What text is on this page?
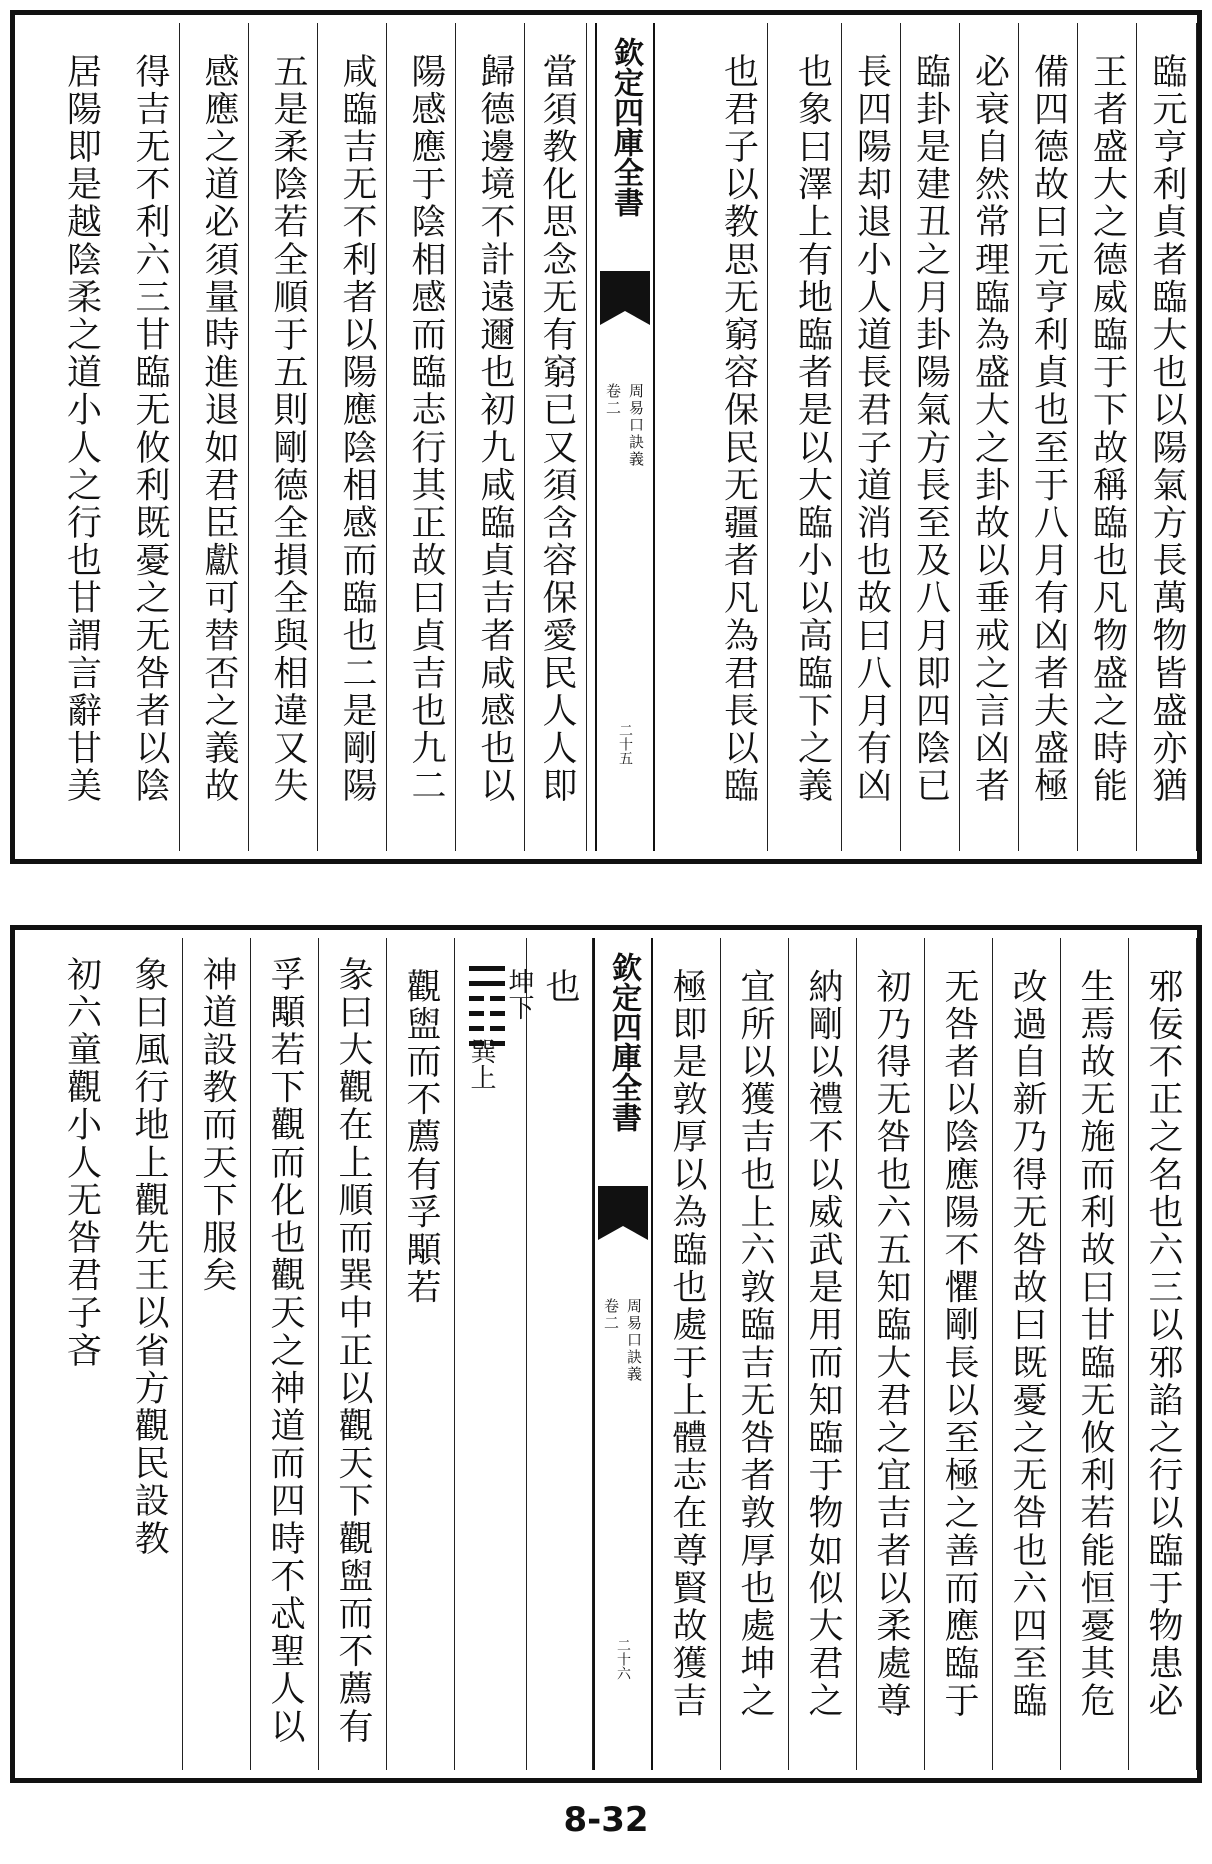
臨元亨利貞者臨大也以陽氣方長萬物皆盛亦猶
王者盛大之德威臨于下故稱臨也凡物盛之時能
備四德故曰元亨利貞也至于八月有凶者夫盛極
必衰自然常理臨為盛大之卦故以垂戒之言凶者
臨卦是建丑之月卦陽氣方長至及八月即四陰已
長四陽却退小人道長君子道消也故曰八月有凶
也象曰澤上有地臨者是以大臨小以高臨下之義
也君子以教思无窮容保民无疆者凡為君長以臨
欽定四庫全書
周易口訣義
卷二
二十五
當須教化思念无有窮已又須含容保愛民人人即
歸德邊境不計遠邇也初九咸臨貞吉者咸感也以
陽感應于陰相感而臨志行其正故曰貞吉也九二
咸臨吉无不利者以陽應陰相感而臨也二是剛陽
五是柔陰若全順于五則剛德全損全與相違又失
感應之道必須量時進退如君臣獻可替否之義故
得吉无不利六三甘臨无攸利既憂之无咎者以陰
居陽即是越陰柔之道小人之行也甘謂言辭甘美
邪佞不正之名也六三以邪諂之行以臨于物患必
生焉故无施而利故曰甘臨无攸利若能恒憂其危
改過自新乃得无咎故曰既憂之无咎也六四至臨
无咎者以陰應陽不懼剛長以至極之善而應臨于
初乃得无咎也六五知臨大君之宜吉者以柔處尊
納剛以禮不以威武是用而知臨于物如似大君之
宜所以獲吉也上六敦臨吉无咎者敦厚也處坤之
極即是敦厚以為臨也處于上體志在尊賢故獲吉
欽定四庫全書
周易口訣義
卷二
二十六
也
坤下
巽上
觀盥而不薦有孚顒若
彖曰大觀在上順而巽中正以觀天下觀盥而不薦有
孚顒若下觀而化也觀天之神道而四時不忒聖人以
神道設教而天下服矣
象曰風行地上觀先王以省方觀民設教
初六童觀小人无咎君子吝
8-32
